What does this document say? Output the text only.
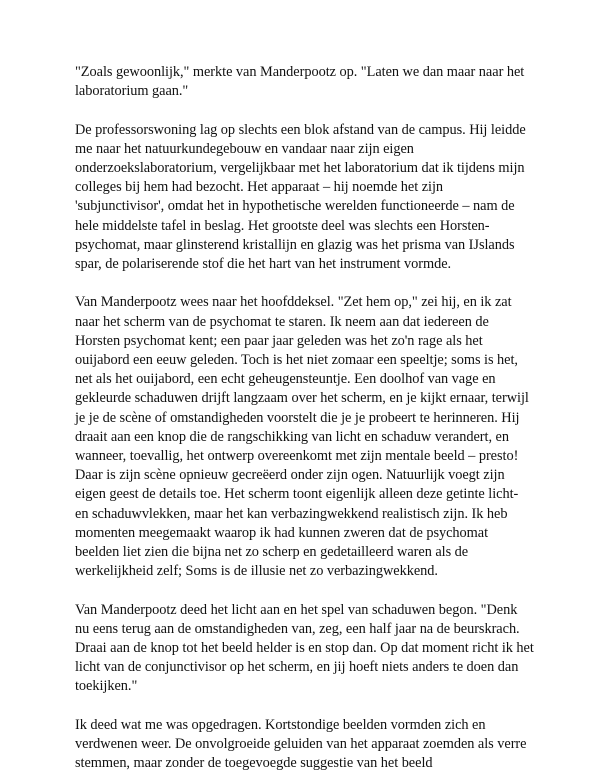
"Zoals gewoonlijk," merkte van Manderpootz op. "Laten we dan maar naar het laboratorium gaan."

De professorswoning lag op slechts een blok afstand van de campus. Hij leidde me naar het natuurkundegebouw en vandaar naar zijn eigen onderzoekslaboratorium, vergelijkbaar met het laboratorium dat ik tijdens mijn colleges bij hem had bezocht. Het apparaat – hij noemde het zijn 'subjunctivisor', omdat het in hypothetische werelden functioneerde – nam de hele middelste tafel in beslag. Het grootste deel was slechts een Horsten-psychomat, maar glinsterend kristallijn en glazig was het prisma van IJslands spar, de polariserende stof die het hart van het instrument vormde.

Van Manderpootz wees naar het hoofddeksel. "Zet hem op," zei hij, en ik zat naar het scherm van de psychomat te staren. Ik neem aan dat iedereen de Horsten psychomat kent; een paar jaar geleden was het zo'n rage als het ouijabord een eeuw geleden. Toch is het niet zomaar een speeltje; soms is het, net als het ouijabord, een echt geheugensteuntje. Een doolhof van vage en gekleurde schaduwen drijft langzaam over het scherm, en je kijkt ernaar, terwijl je je de scène of omstandigheden voorstelt die je je probeert te herinneren. Hij draait aan een knop die de rangschikking van licht en schaduw verandert, en wanneer, toevallig, het ontwerp overeenkomt met zijn mentale beeld – presto! Daar is zijn scène opnieuw gecreëerd onder zijn ogen. Natuurlijk voegt zijn eigen geest de details toe. Het scherm toont eigenlijk alleen deze getinte licht- en schaduwvlekken, maar het kan verbazingwekkend realistisch zijn. Ik heb momenten meegemaakt waarop ik had kunnen zweren dat de psychomat beelden liet zien die bijna net zo scherp en gedetailleerd waren als de werkelijkheid zelf; Soms is de illusie net zo verbazingwekkend.

Van Manderpootz deed het licht aan en het spel van schaduwen begon. "Denk nu eens terug aan de omstandigheden van, zeg, een half jaar na de beurskrach. Draai aan de knop tot het beeld helder is en stop dan. Op dat moment richt ik het licht van de conjunctivisor op het scherm, en jij hoeft niets anders te doen dan toekijken."

Ik deed wat me was opgedragen. Kortstondige beelden vormden zich en verdwenen weer. De onvolgroeide geluiden van het apparaat zoemden als verre stemmen, maar zonder de toegevoegde suggestie van het beeld
